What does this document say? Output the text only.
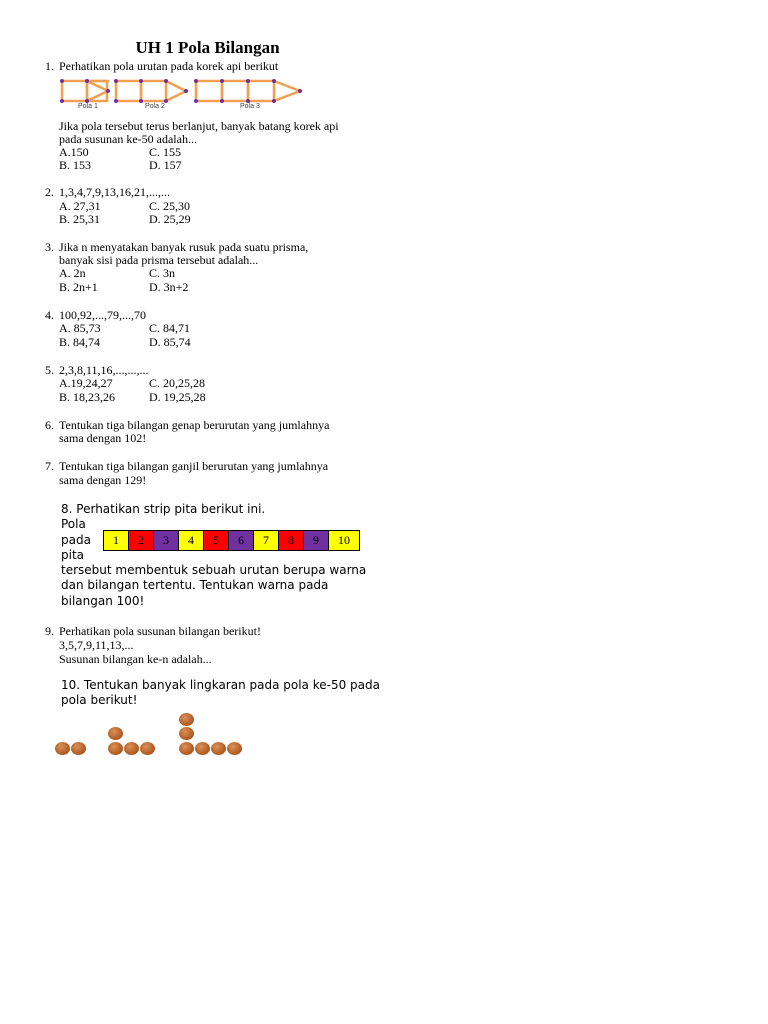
UH 1 Pola Bilangan
1. Perhatikan pola urutan pada korek api berikut
Pola 1	Pola 2	Pola 3
Jika pola tersebut terus berlanjut, banyak batang korek api
pada susunan ke-50 adalah...
A.150	C. 155
B. 153	D. 157
2. 1,3,4,7,9,13,16,21,...,...
A. 27,31	C. 25,30
B. 25,31	D. 25,29
3. Jika n menyatakan banyak rusuk pada suatu prisma,
banyak sisi pada prisma tersebut adalah...
A. 2n	C. 3n
B. 2n+1	D. 3n+2
4. 100,92,...,79,...,70
A. 85,73	C. 84,71
B. 84,74	D. 85,74
5. 2,3,8,11,16,...,...,...
A.19,24,27	C. 20,25,28
B. 18,23,26	D. 19,25,28
6. Tentukan tiga bilangan genap berurutan yang jumlahnya
sama dengan 102!
7. Tentukan tiga bilangan ganjil berurutan yang jumlahnya
sama dengan 129!
8. Perhatikan strip pita berikut ini.
Pola
pada
pita
1	2	3	4	5	6	7	8	9	10
tersebut membentuk sebuah urutan berupa warna
dan bilangan tertentu. Tentukan warna pada
bilangan 100!
9. Perhatikan pola susunan bilangan berikut!
3,5,7,9,11,13,...
Susunan bilangan ke-n adalah...
10. Tentukan banyak lingkaran pada pola ke-50 pada
pola berikut!
